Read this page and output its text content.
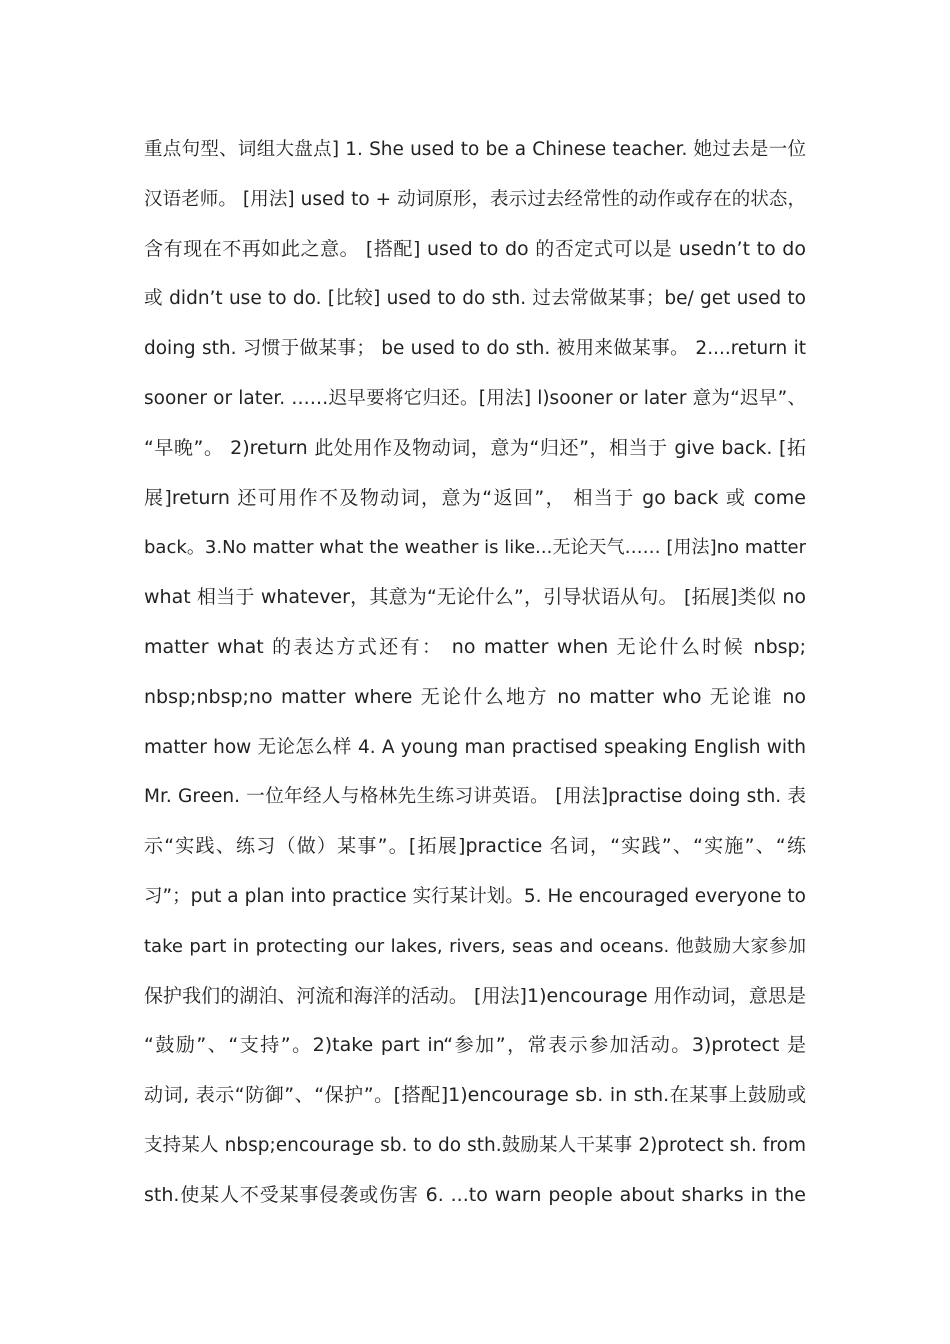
重点句型、词组大盘点] 1. She used to be a Chinese teacher. 她过去是一位
汉语老师。 [用法] used to + 动词原形，表示过去经常性的动作或存在的状态，
含有现在不再如此之意。 [搭配] used to do 的否定式可以是 usedn’t to do
或 didn’t use to do. [比较] used to do sth. 过去常做某事；be/ get used to
doing sth. 习惯于做某事； be used to do sth. 被用来做某事。 2....return it
sooner or later. ……迟早要将它归还。[用法] l)sooner or later 意为“迟早”、
“早晚”。 2)return 此处用作及物动词，意为“归还”，相当于 give back. [拓
展]return 还可用作不及物动词，意为“返回”， 相当于 go back 或 come
back。3.No matter what the weather is like...无论天气…… [用法]no matter
what 相当于 whatever，其意为“无论什么”，引导状语从句。 [拓展]类似 no
matter what 的表达方式还有： no matter when 无论什么时候 nbsp;
nbsp;nbsp;no matter where 无论什么地方 no matter who 无论谁 no
matter how 无论怎么样 4. A young man practised speaking English with
Mr. Green. 一位年经人与格林先生练习讲英语。 [用法]practise doing sth. 表
示“实践、练习（做）某事”。[拓展]practice 名词，“实践”、“实施”、“练
习”；put a plan into practice 实行某计划。5. He encouraged everyone to
take part in protecting our lakes, rivers, seas and oceans. 他鼓励大家参加
保护我们的湖泊、河流和海洋的活动。 [用法]1)encourage 用作动词，意思是
“鼓励”、“支持”。2)take part in“参加”，常表示参加活动。3)protect 是
动词, 表示“防御”、“保护”。[搭配]1)encourage sb. in sth.在某事上鼓励或
支持某人 nbsp;encourage sb. to do sth.鼓励某人干某事 2)protect sh. from
sth.使某人不受某事侵袭或伤害 6. ...to warn people about sharks in the
